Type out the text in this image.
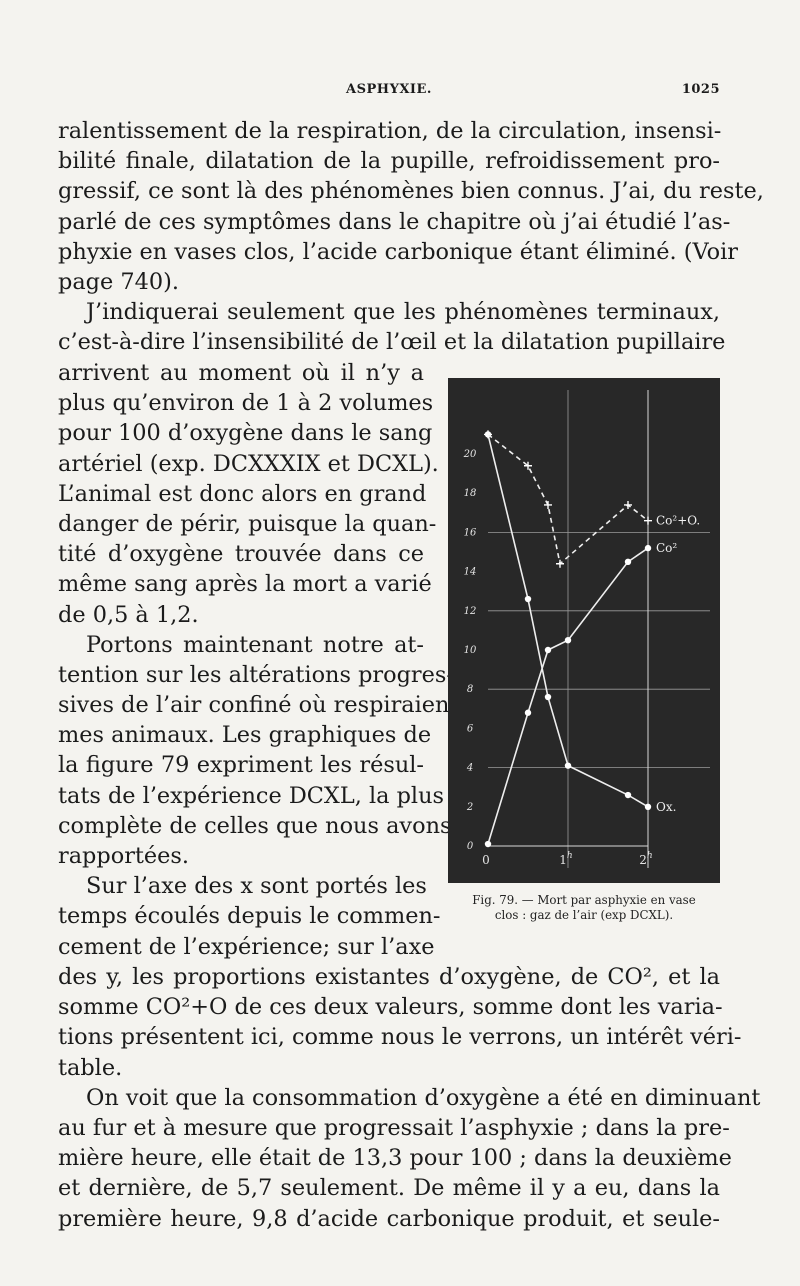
ASPHYXIE.	1025
ralentissement de la respiration, de la circulation, insensi-
bilité finale, dilatation de la pupille, refroidissement pro-
gressif, ce sont là des phénomènes bien connus. J’ai, du reste,
parlé de ces symptômes dans le chapitre où j’ai étudié l’as-
phyxie en vases clos, l’acide carbonique étant éliminé. (Voir
page 740).
J’indiquerai seulement que les phénomènes terminaux,
c’est-à-dire l’insensibilité de l’œil et la dilatation pupillaire
arrivent au moment où il n’y a
plus qu’environ de 1 à 2 volumes
pour 100 d’oxygène dans le sang
artériel (exp. DCXXXIX et DCXL).
L’animal est donc alors en grand
danger de périr, puisque la quan-
tité d’oxygène trouvée dans ce
même sang après la mort a varié
de 0,5 à 1,2.
Portons maintenant notre at-
tention sur les altérations progres-
sives de l’air confiné où respiraient
mes animaux. Les graphiques de
la figure 79 expriment les résul-
tats de l’expérience DCXL, la plus
complète de celles que nous avons
rapportées.
Sur l’axe des x sont portés les
temps écoulés depuis le commen-
cement de l’expérience; sur l’axe
des y, les proportions existantes d’oxygène, de CO², et la
somme CO²+O de ces deux valeurs, somme dont les varia-
tions présentent ici, comme nous le verrons, un intérêt véri-
table.
On voit que la consommation d’oxygène a été en diminuant
au fur et à mesure que progressait l’asphyxie ; dans la pre-
mière heure, elle était de 13,3 pour 100 ; dans la deuxième
et dernière, de 5,7 seulement. De même il y a eu, dans la
première heure, 9,8 d’acide carbonique produit, et seule-
0
2
4
6
8
10
12
14
16
18
20
0	1$^h$	2$^h$
Ox.
Co²
Co²+O.
Fig. 79. — Mort par asphyxie en vase
clos : gaz de l’air (exp DCXL).
